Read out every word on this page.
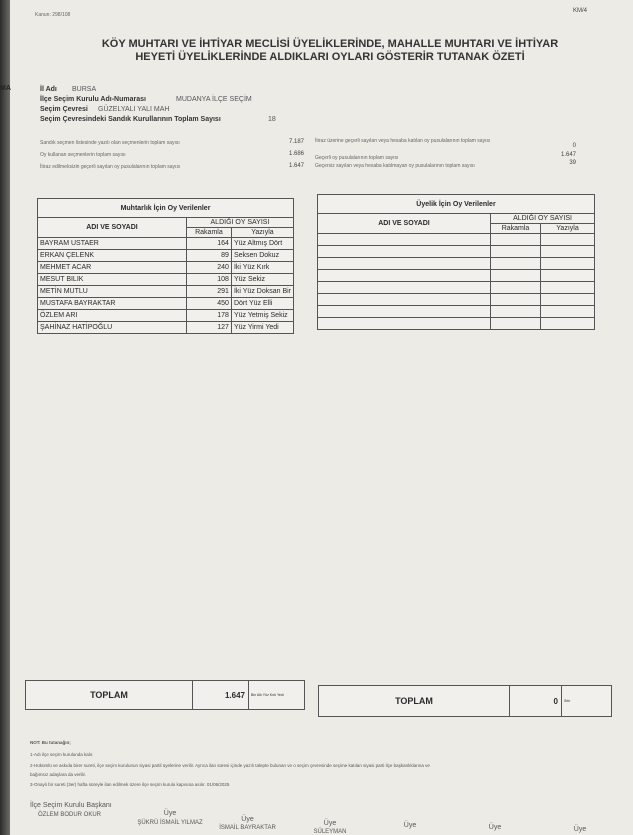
Kanun: 298/108
KM/4
KÖY MUHTARI VE İHTİYAR MECLİSİ ÜYELİKLERİNDE, MAHALLE MUHTARI VE İHTİYAR
HEYETİ ÜYELİKLERİNDE ALDIKLARI OYLARI GÖSTERİR TUTANAK ÖZETİ
MA	İl Adı BURSA
İlçe Seçim Kurulu Adı-Numarası	MUDANYA İLÇE SEÇİM
Seçim Çevresi GÜZELYALI YALI MAH
Seçim Çevresindeki Sandık Kurullarının Toplam Sayısı	18
Sandık seçmen listesinde yazılı olan seçmenlerin toplam sayısı	7.187
Oy kullanan seçmenlerin toplam sayısı	1.686
İtiraz edilmeksizin geçerli sayılan oy pusulalarının toplam sayısı	1.647
İtiraz üzerine geçerli sayılan veya hesaba katılan oy pusulalarının toplam sayısı
0
Geçerli oy pusulalarının toplam sayısı	1.647
Geçersiz sayılan veya hesaba katılmayan oy pusulalarının toplam sayısı	39
Muhtarlık İçin Oy Verilenler		
ADI VE SOYADI	ALDIĞI OY SAYISI	
	Rakamla	Yazıyla
BAYRAM USTAER	164	Yüz Altmış Dört
ERKAN ÇELENK	89	Seksen Dokuz
MEHMET ACAR	240	İki Yüz Kırk
MESUT BILIK	108	Yüz Sekiz
METİN MUTLU	291	İki Yüz Doksan Bir
MUSTAFA BAYRAKTAR	450	Dört Yüz Elli
ÖZLEM ARI	178	Yüz Yetmiş Sekiz
ŞAHİNAZ HATİPOĞLU	127	Yüz Yirmi Yedi
Üyelik İçin Oy Verilenler		
ADI VE SOYADI	ALDIĞI OY SAYISI	
	Rakamla	Yazıyla

TOPLAM	1.647	Bin Altı Yüz Kırk Yedi
TOPLAM	0	Sıfır
NOT: Bu tutanağın;
1-Adı ilçe seçim kurulunda kalır.
2-Hükümlü ve askıda birer sureti, ilçe seçim kurulunun siyasi partil üyelerine verilir. Ayrıca ilan süresi içinde yazılı talepte bulunan ve o seçim çevresinde seçime katılan siyasi parti ilçe başkanlıklarına ve
bağımsız adaylara da verilir.
3-Onaylı bir sureti (3er) hafta süreyle ilan edilmek üzere ilçe seçim kurulu kapısına asılır. 01/06/2025
İlçe Seçim Kurulu Başkanı
ÖZLEM BODUR OKUR	Üye
ŞÜKRÜ İSMAİL YILMAZ	Üye
İSMAİL BAYRAKTAR
Üye
SÜLEYMAN
Üye	Üye	Üye
